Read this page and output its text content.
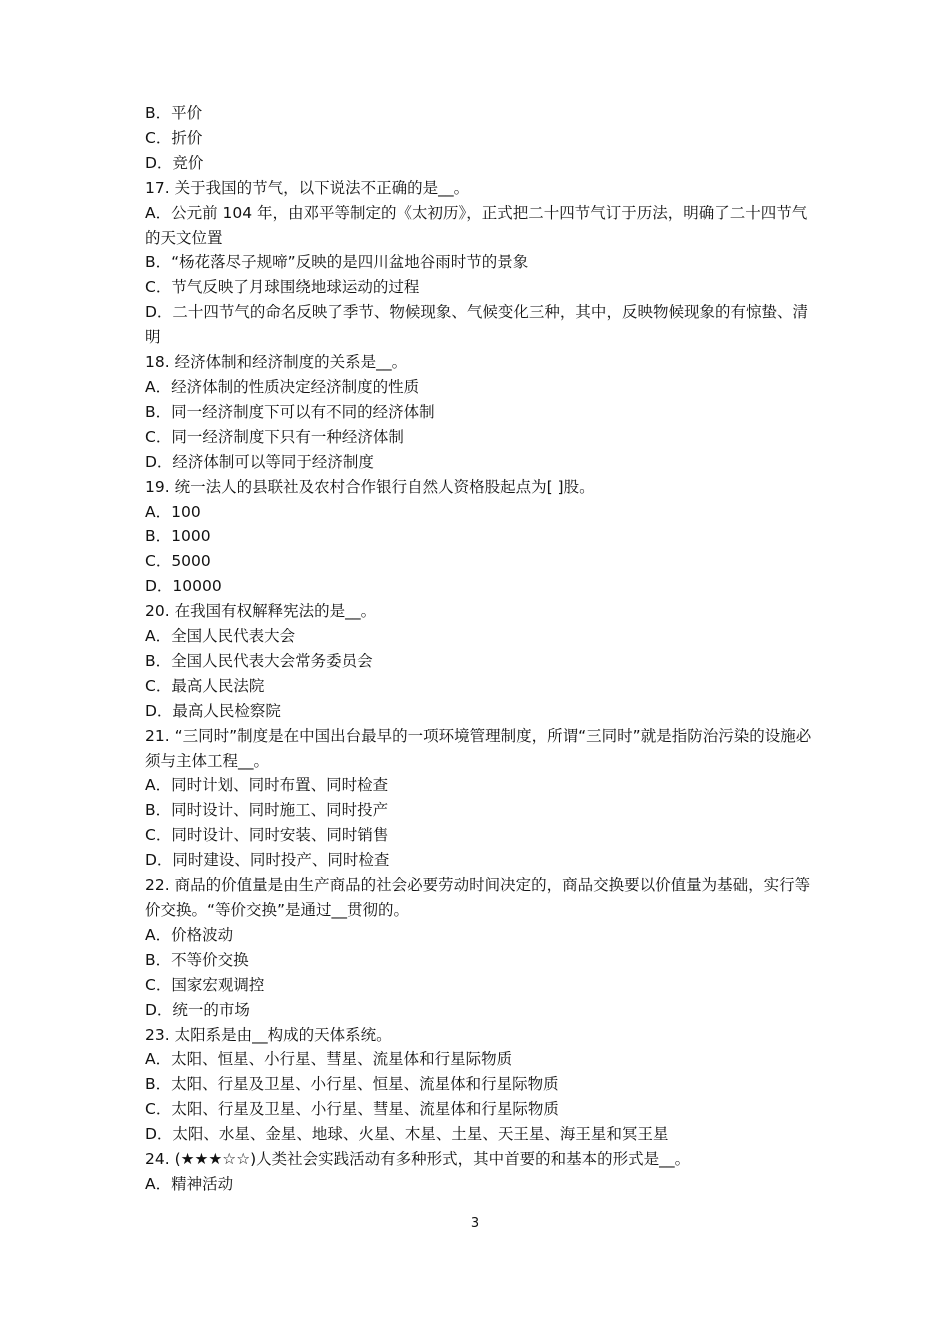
B．平价
C．折价
D．竞价
17. 关于我国的节气，以下说法不正确的是__。
A．公元前 104 年，由邓平等制定的《太初历》，正式把二十四节气订于历法，明确了二十四节气的天文位置
B．“杨花落尽子规啼”反映的是四川盆地谷雨时节的景象
C．节气反映了月球围绕地球运动的过程
D．二十四节气的命名反映了季节、物候现象、气候变化三种，其中，反映物候现象的有惊蛰、清明
18. 经济体制和经济制度的关系是__。
A．经济体制的性质决定经济制度的性质
B．同一经济制度下可以有不同的经济体制
C．同一经济制度下只有一种经济体制
D．经济体制可以等同于经济制度
19. 统一法人的县联社及农村合作银行自然人资格股起点为[ ]股。
A．100
B．1000
C．5000
D．10000
20. 在我国有权解释宪法的是__。
A．全国人民代表大会
B．全国人民代表大会常务委员会
C．最高人民法院
D．最高人民检察院
21. “三同时”制度是在中国出台最早的一项环境管理制度，所谓“三同时”就是指防治污染的设施必须与主体工程__。
A．同时计划、同时布置、同时检查
B．同时设计、同时施工、同时投产
C．同时设计、同时安装、同时销售
D．同时建设、同时投产、同时检查
22. 商品的价值量是由生产商品的社会必要劳动时间决定的，商品交换要以价值量为基础，实行等价交换。“等价交换”是通过__贯彻的。
A．价格波动
B．不等价交换
C．国家宏观调控
D．统一的市场
23. 太阳系是由__构成的天体系统。
A．太阳、恒星、小行星、彗星、流星体和行星际物质
B．太阳、行星及卫星、小行星、恒星、流星体和行星际物质
C．太阳、行星及卫星、小行星、彗星、流星体和行星际物质
D．太阳、水星、金星、地球、火星、木星、土星、天王星、海王星和冥王星
24. (★★★☆☆)人类社会实践活动有多种形式，其中首要的和基本的形式是__。
A．精神活动
3
